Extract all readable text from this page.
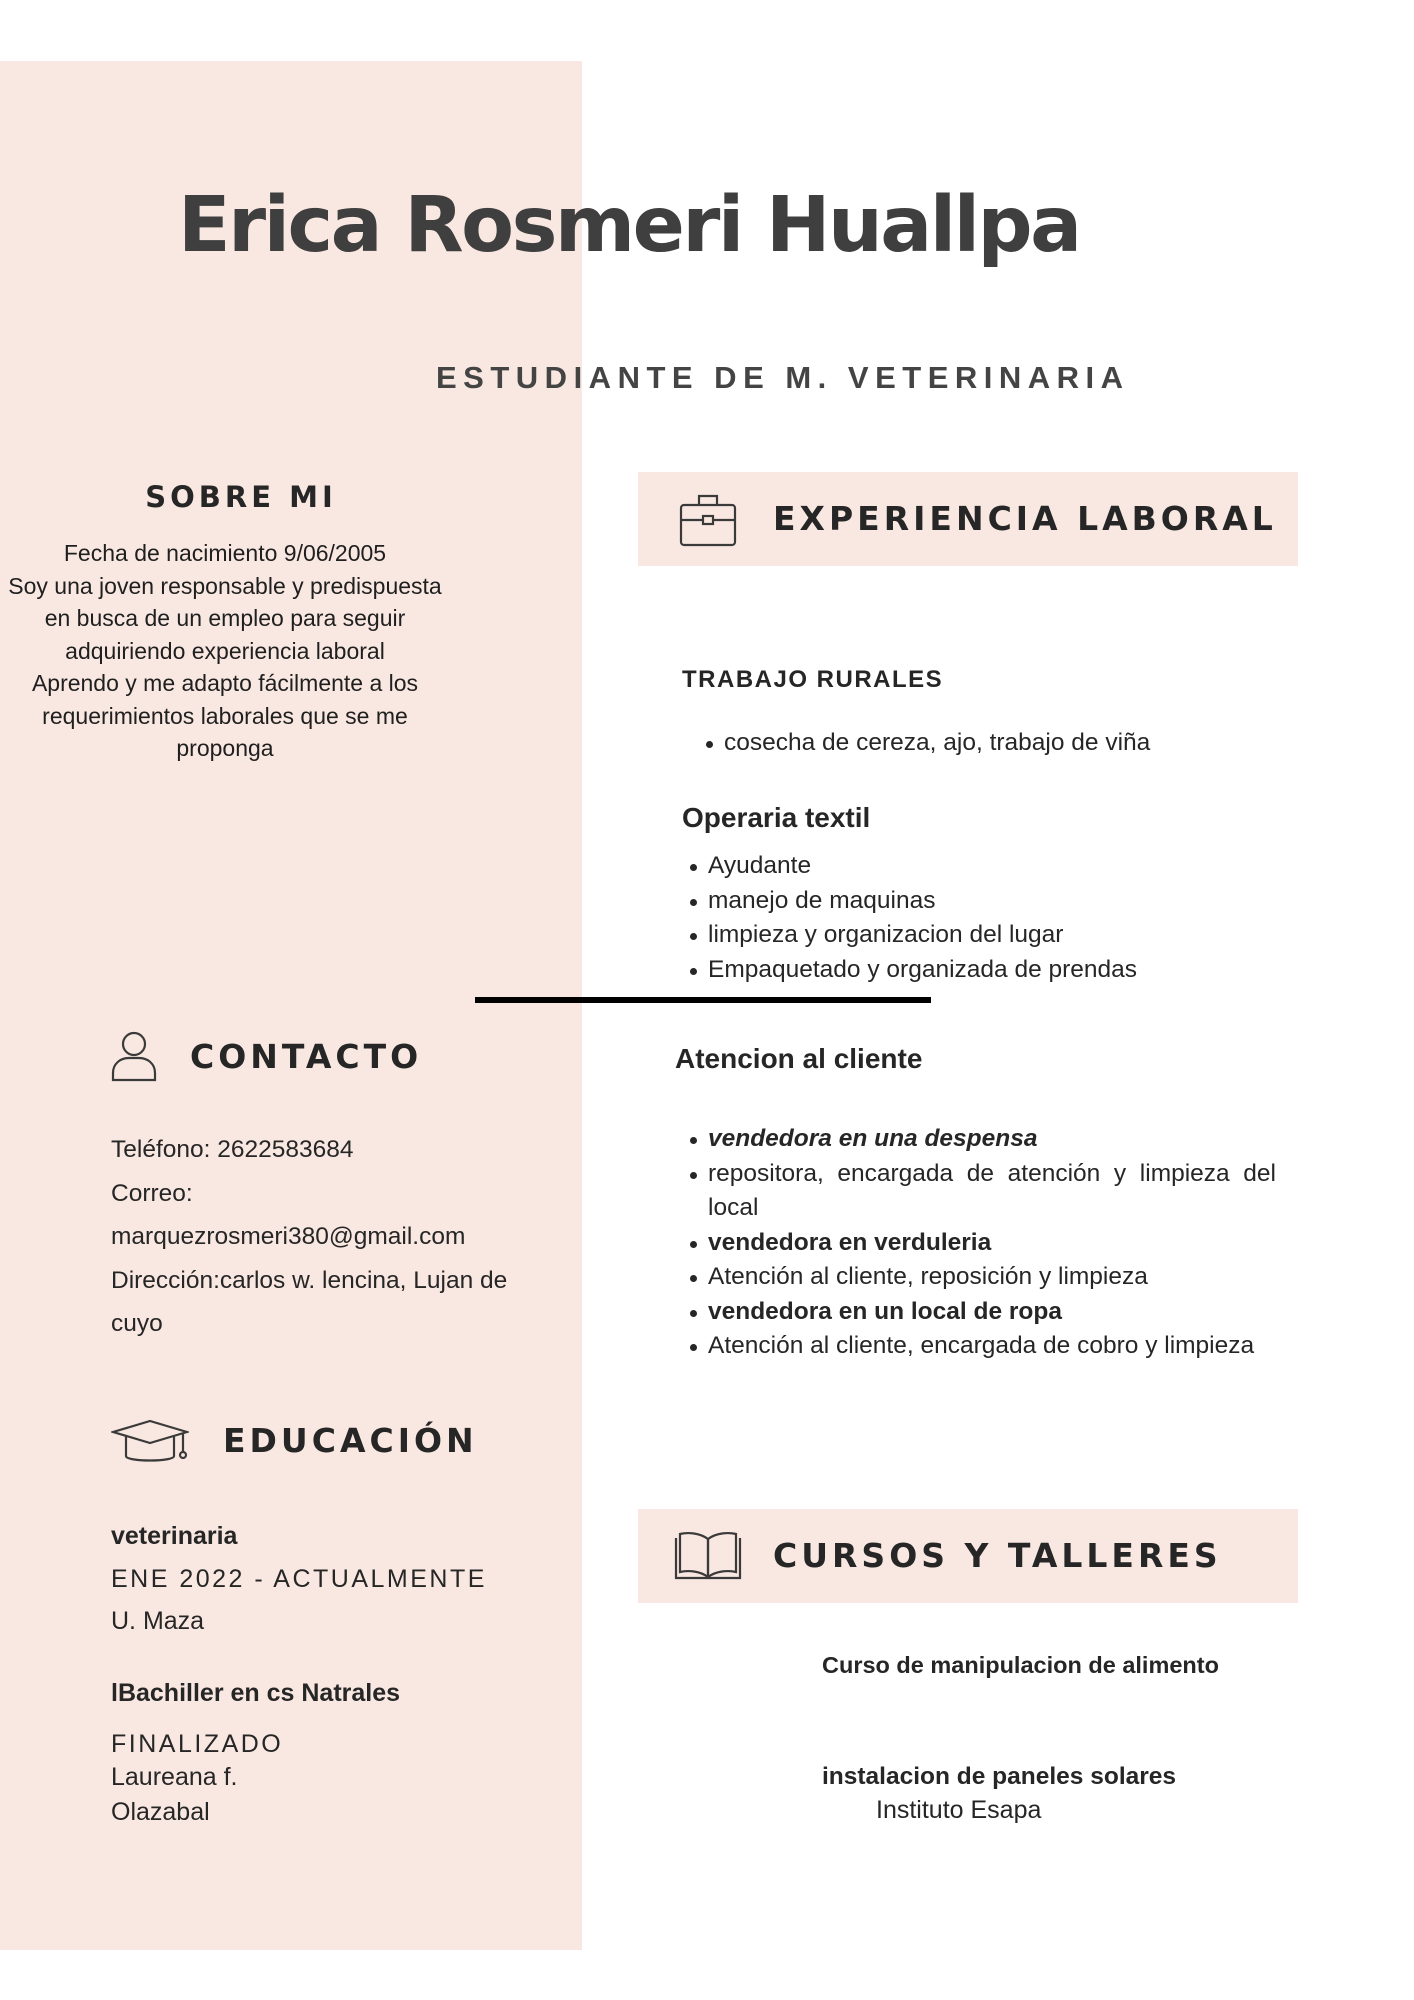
Erica Rosmeri Huallpa
ESTUDIANTE DE M. VETERINARIA
SOBRE MI

Fecha de nacimiento 9/06/2005

Soy una joven responsable y predispuesta en busca de un empleo para seguir adquiriendo experiencia laboral

Aprendo y me adapto fácilmente a los requerimientos laborales que se me proponga

EXPERIENCIA LABORAL
TRABAJO RURALES
cosecha de cereza, ajo, trabajo de viña
Operaria textil
Ayudante
manejo de maquinas
limpieza y organizacion del lugar
Empaquetado y organizada de prendas
Atencion al cliente
vendedora en una despensa
repositora, encargada de atención y limpieza del local
vendedora en verduleria
Atención al cliente, reposición y limpieza
vendedora en un local de ropa
Atención al cliente, encargada de cobro y limpieza
CONTACTO
Teléfono: 2622583684
Correo:
marquezrosmeri380@gmail.com
Dirección:carlos w. lencina, Lujan de cuyo
EDUCACIÓN
veterinaria
ENE 2022 - ACTUALMENTE
U. Maza
lBachiller en cs Natrales
FINALIZADO
Laureana f. Olazabal
CURSOS Y TALLERES
Curso de manipulacion de alimento
instalacion de paneles solares
Instituto Esapa
